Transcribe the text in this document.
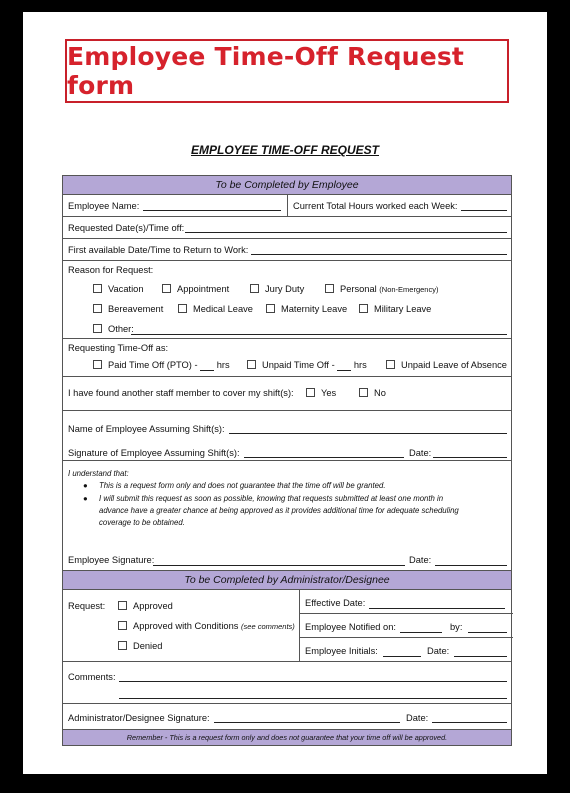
Employee Time-Off Request form
EMPLOYEE TIME-OFF REQUEST
To be Completed by Employee
Employee Name:	Current Total Hours worked each Week:
Requested Date(s)/Time off:
First available Date/Time to Return to Work:
Reason for Request:
Vacation	Appointment	Jury Duty	Personal (Non-Emergency)
Bereavement	Medical Leave	Maternity Leave	Military Leave
Other:
Requesting Time-Off as:
Paid Time Off (PTO) - hrs	Unpaid Time Off - hrs	Unpaid Leave of Absence
I have found another staff member to cover my shift(s):	Yes	No
Name of Employee Assuming Shift(s):
Signature of Employee Assuming Shift(s):	Date:
I understand that:
● This is a request form only and does not guarantee that the time off will be granted.
● I will submit this request as soon as possible, knowing that requests submitted at least one month in
advance have a greater chance at being approved as it provides additional time for adequate scheduling
coverage to be obtained.
Employee Signature:	Date:
To be Completed by Administrator/Designee
Request:	Approved
Approved with Conditions (see comments)
Denied
Effective Date:
Employee Notified on:	by:
Employee Initials:	Date:
Comments:
Administrator/Designee Signature:	Date:
Remember - This is a request form only and does not guarantee that your time off will be approved.
